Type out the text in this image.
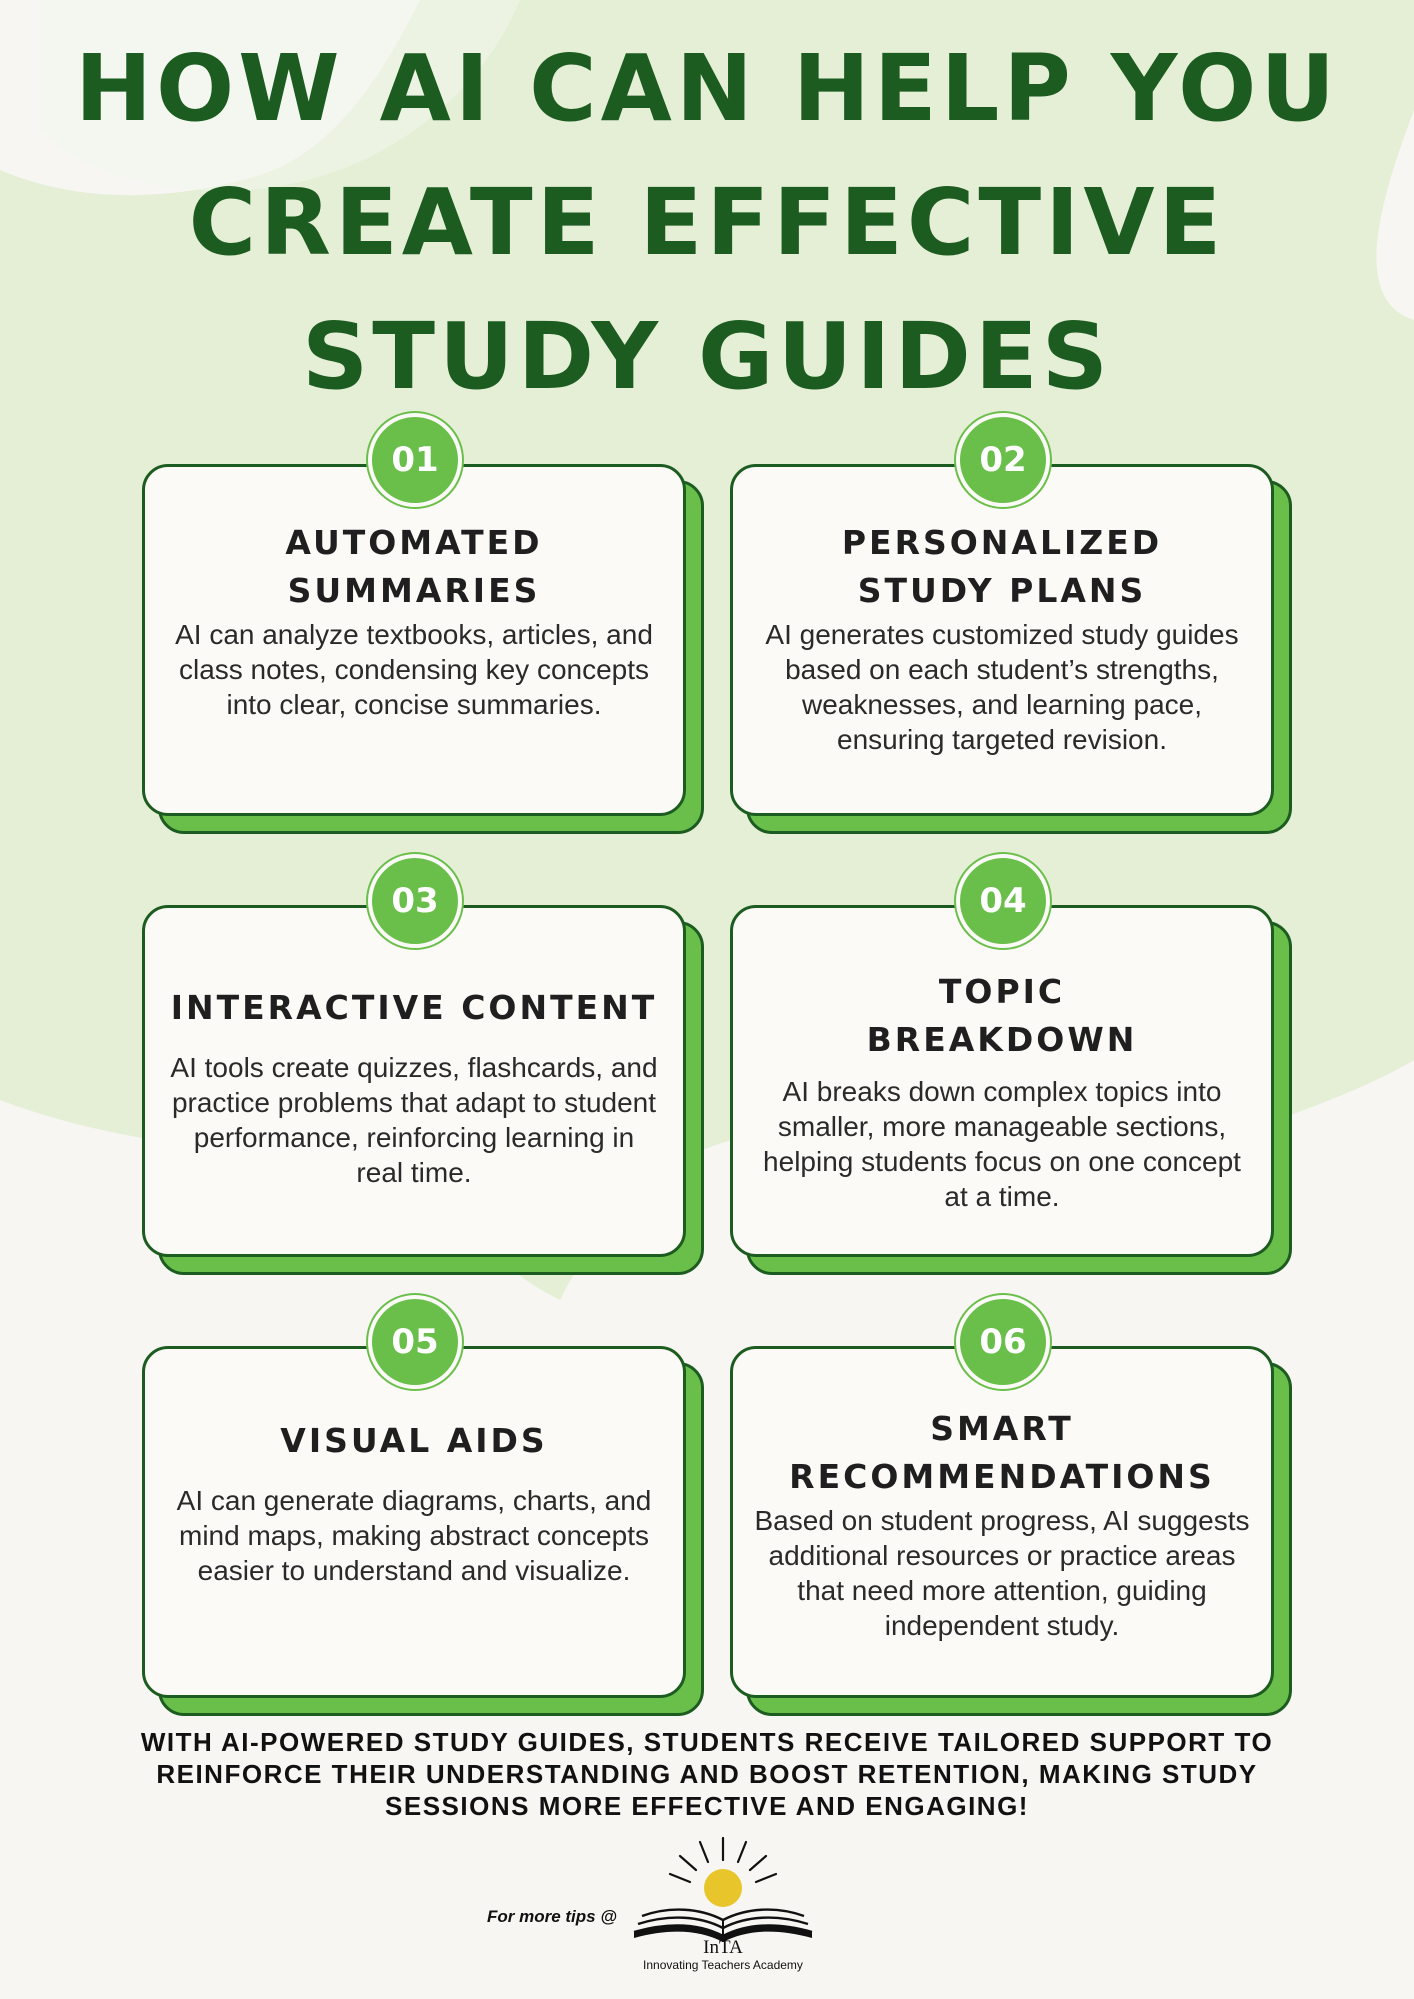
HOW AI CAN HELP YOU
CREATE EFFECTIVE
STUDY GUIDES
01
AUTOMATED
SUMMARIES

AI can analyze textbooks, articles, and class notes, condensing key concepts into clear, concise summaries.

02
PERSONALIZED
STUDY PLANS

AI generates customized study guides based on each student’s strengths, weaknesses, and learning pace, ensuring targeted revision.

03
INTERACTIVE CONTENT

AI tools create quizzes, flashcards, and practice problems that adapt to student performance, reinforcing learning in real time.

04
TOPIC
BREAKDOWN

AI breaks down complex topics into smaller, more manageable sections, helping students focus on one concept at a time.

05
VISUAL AIDS

AI can generate diagrams, charts, and mind maps, making abstract concepts easier to understand and visualize.

06
SMART
RECOMMENDATIONS

Based on student progress, AI suggests additional resources or practice areas that need more attention, guiding independent study.

WITH AI-POWERED STUDY GUIDES, STUDENTS RECEIVE TAILORED SUPPORT TO REINFORCE THEIR UNDERSTANDING AND BOOST RETENTION, MAKING STUDY SESSIONS MORE EFFECTIVE AND ENGAGING!

For more tips @
InTA
Innovating Teachers Academy
